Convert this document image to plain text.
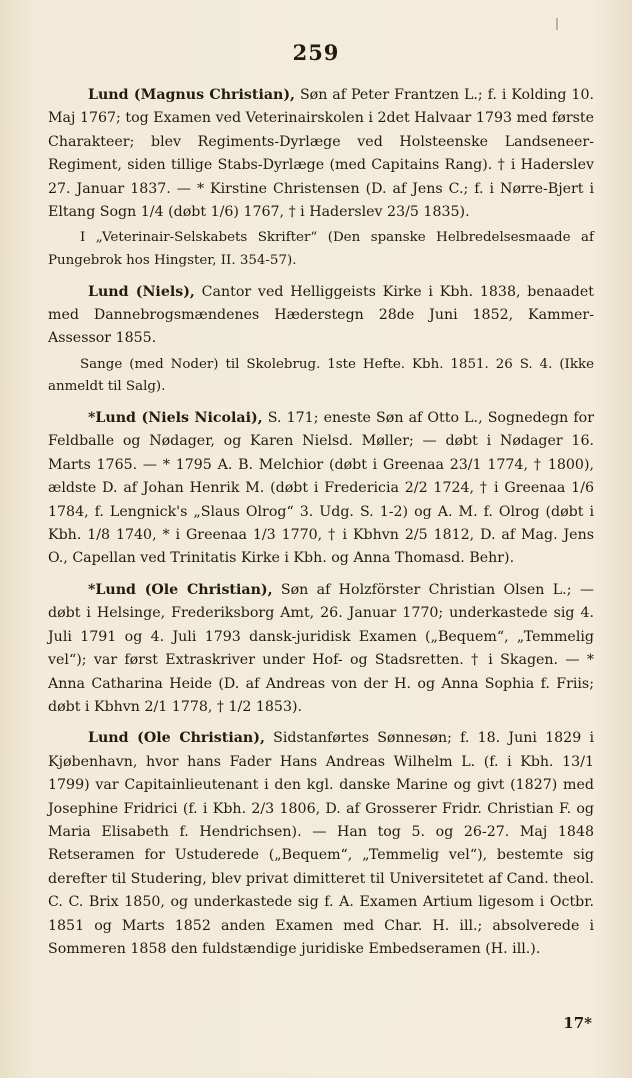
259

Lund (Magnus Christian), Søn af Peter Frantzen L.; f. i Kolding 10. Maj 1767; tog Examen ved Veterinairskolen i 2det Halvaar 1793 med første Charakteer; blev Regiments-Dyrlæge ved Holsteenske Landseneer-Regiment, siden tillige Stabs-Dyrlæge (med Capitains Rang). † i Haderslev 27. Januar 1837. — * Kirstine Christensen (D. af Jens C.; f. i Nørre-Bjert i Eltang Sogn 1/4 (døbt 1/6) 1767, † i Haderslev 23/5 1835).

I „Veterinair-Selskabets Skrifter“ (Den spanske Helbredelsesmaade af Pungebrok hos Hingster, II. 354-57).

Lund (Niels), Cantor ved Helliggeists Kirke i Kbh. 1838, benaadet med Dannebrogsmændenes Hæderstegn 28de Juni 1852, Kammer-Assessor 1855.

Sange (med Noder) til Skolebrug. 1ste Hefte. Kbh. 1851. 26 S. 4. (Ikke anmeldt til Salg).

*Lund (Niels Nicolai), S. 171; eneste Søn af Otto L., Sognedegn for Feldballe og Nødager, og Karen Nielsd. Møller; — døbt i Nødager 16. Marts 1765. — * 1795 A. B. Melchior (døbt i Greenaa 23/1 1774, † 1800), ældste D. af Johan Henrik M. (døbt i Fredericia 2/2 1724, † i Greenaa 1/6 1784, f. Lengnick's „Slaus Olrog“ 3. Udg. S. 1-2) og A. M. f. Olrog (døbt i Kbh. 1/8 1740, * i Greenaa 1/3 1770, † i Kbhvn 2/5 1812, D. af Mag. Jens O., Capellan ved Trinitatis Kirke i Kbh. og Anna Thomasd. Behr).

*Lund (Ole Christian), Søn af Holzförster Christian Olsen L.; — døbt i Helsinge, Frederiksborg Amt, 26. Januar 1770; underkastede sig 4. Juli 1791 og 4. Juli 1793 dansk-juridisk Examen („Bequem“, „Temmelig vel“); var først Extraskriver under Hof- og Stadsretten. † i Skagen. — * Anna Catharina Heide (D. af Andreas von der H. og Anna Sophia f. Friis; døbt i Kbhvn 2/1 1778, † 1/2 1853).

Lund (Ole Christian), Sidstanførtes Sønnesøn; f. 18. Juni 1829 i Kjøbenhavn, hvor hans Fader Hans Andreas Wilhelm L. (f. i Kbh. 13/1 1799) var Capitainlieutenant i den kgl. danske Marine og givt (1827) med Josephine Fridrici (f. i Kbh. 2/3 1806, D. af Grosserer Fridr. Christian F. og Maria Elisabeth f. Hendrichsen). — Han tog 5. og 26-27. Maj 1848 Retseramen for Ustuderede („Bequem“, „Temmelig vel“), bestemte sig derefter til Studering, blev privat dimitteret til Universitetet af Cand. theol. C. C. Brix 1850, og underkastede sig f. A. Examen Artium ligesom i Octbr. 1851 og Marts 1852 anden Examen med Char. H. ill.; absolverede i Sommeren 1858 den fuldstændige juridiske Embedseramen (H. ill.).

17*
